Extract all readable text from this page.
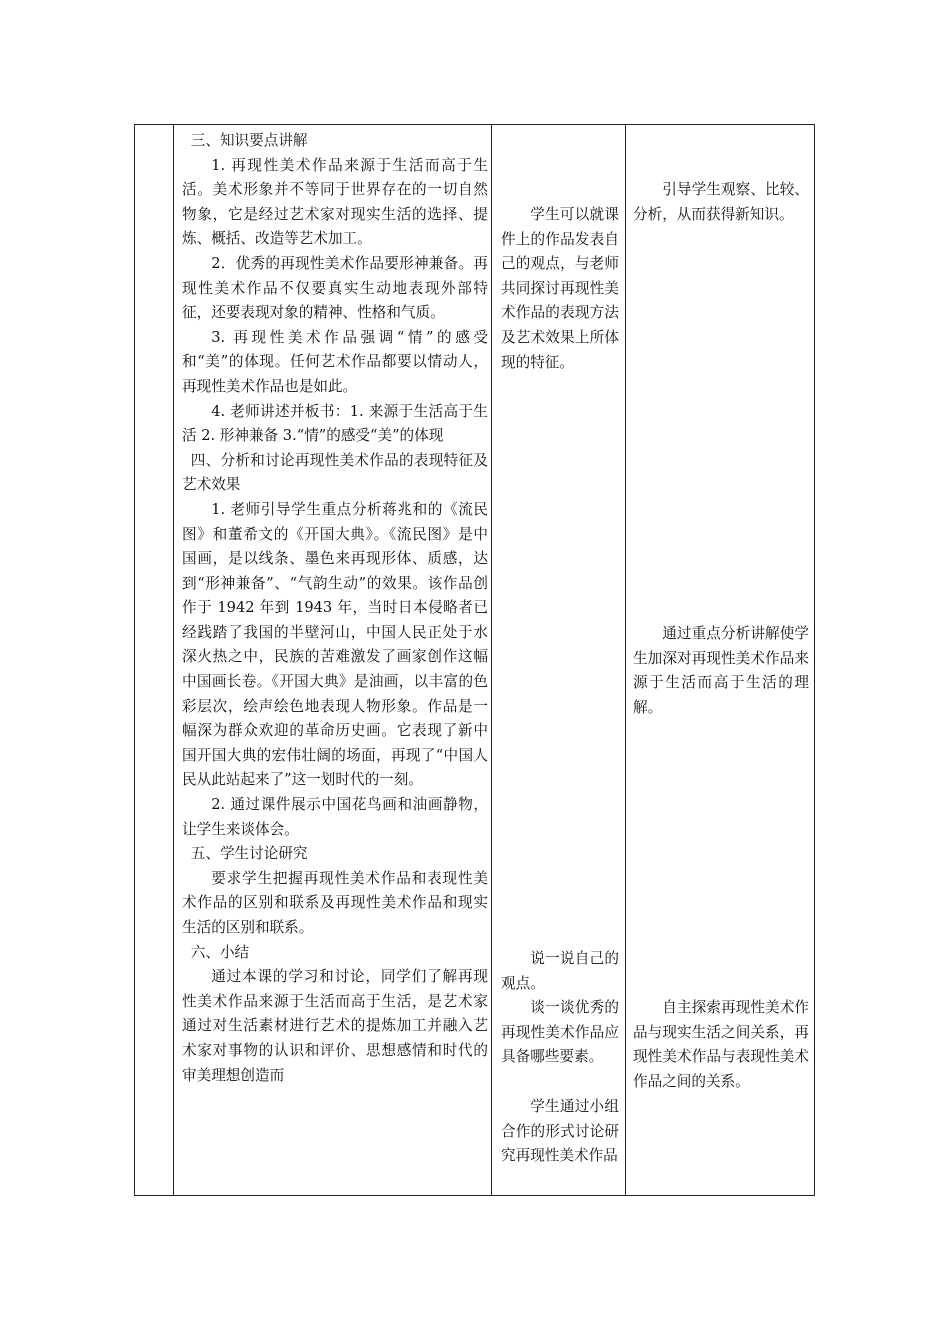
三、知识要点讲解

1. 再现性美术作品来源于生活而高于生活。美术形象并不等同于世界存在的一切自然物象，它是经过艺术家对现实生活的选择、提炼、概括、改造等艺术加工。

2．优秀的再现性美术作品要形神兼备。再现性美术作品不仅要真实生动地表现外部特征，还要表现对象的精神、性格和气质。

3. 再现性美术作品强调“情”的感受和“美”的体现。任何艺术作品都要以情动人，再现性美术作品也是如此。

4. 老师讲述并板书：1. 来源于生活高于生活 2. 形神兼备 3.“情”的感受“美”的体现

四、分析和讨论再现性美术作品的表现特征及艺术效果

1. 老师引导学生重点分析蒋兆和的《流民图》和董希文的《开国大典》。《流民图》是中国画，是以线条、墨色来再现形体、质感，达到“形神兼备”、“气韵生动”的效果。该作品创作于 1942 年到 1943 年，当时日本侵略者已经践踏了我国的半壁河山，中国人民正处于水深火热之中，民族的苦难激发了画家创作这幅中国画长卷。《开国大典》是油画，以丰富的色彩层次，绘声绘色地表现人物形象。作品是一幅深为群众欢迎的革命历史画。它表现了新中国开国大典的宏伟壮阔的场面，再现了“中国人民从此站起来了”这一划时代的一刻。

2. 通过课件展示中国花鸟画和油画静物，让学生来谈体会。

五、学生讨论研究

要求学生把握再现性美术作品和表现性美术作品的区别和联系及再现性美术作品和现实生活的区别和联系。

六、小结

通过本课的学习和讨论，同学们了解再现性美术作品来源于生活而高于生活，是艺术家通过对生活素材进行艺术的提炼加工并融入艺术家对事物的认识和评价、思想感情和时代的审美理想创造而

学生可以就课件上的作品发表自己的观点，与老师共同探讨再现性美术作品的表现方法及艺术效果上所体现的特征。

说一说自己的观点。

谈一谈优秀的再现性美术作品应具备哪些要素。

学生通过小组合作的形式讨论研究再现性美术作品

引导学生观察、比较、分析，从而获得新知识。

通过重点分析讲解使学生加深对再现性美术作品来源于生活而高于生活的理解。

自主探索再现性美术作品与现实生活之间关系，再现性美术作品与表现性美术作品之间的关系。
